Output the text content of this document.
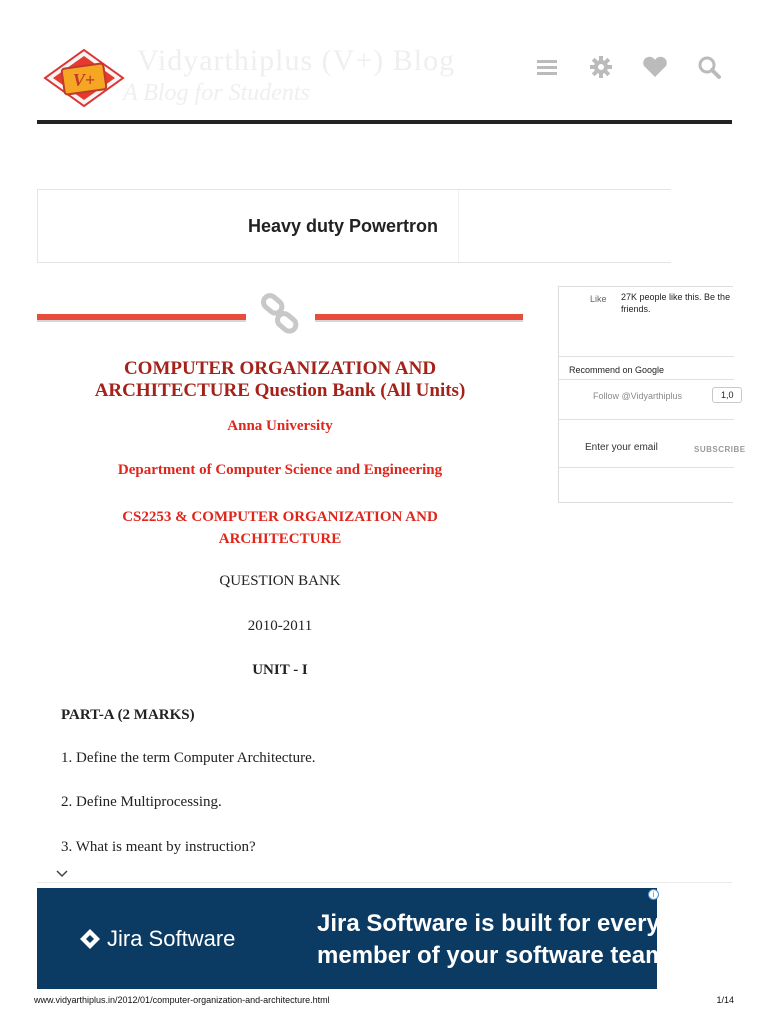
Vidyarthiplus (V+) Blog
A Blog for Students
V+
Heavy duty Powertron
COMPUTER ORGANIZATION AND
ARCHITECTURE Question Bank (All Units)

Anna University

Department of Computer Science and Engineering

CS2253 & COMPUTER ORGANIZATION AND
ARCHITECTURE

QUESTION BANK

2010-2011

UNIT - I

PART-A (2 MARKS)

1. Define the term Computer Architecture.

2. Define Multiprocessing.

3. What is meant by instruction?

Like 27K people like this. Be the
friends.
Recommend on Google
Follow @Vidyarthiplus	1,0
Enter your email
SUBSCRIBE
Jira Software
Jira Software is built for every
member of your software team
i
www.vidyarthiplus.in/2012/01/computer-organization-and-architecture.html	1/14
